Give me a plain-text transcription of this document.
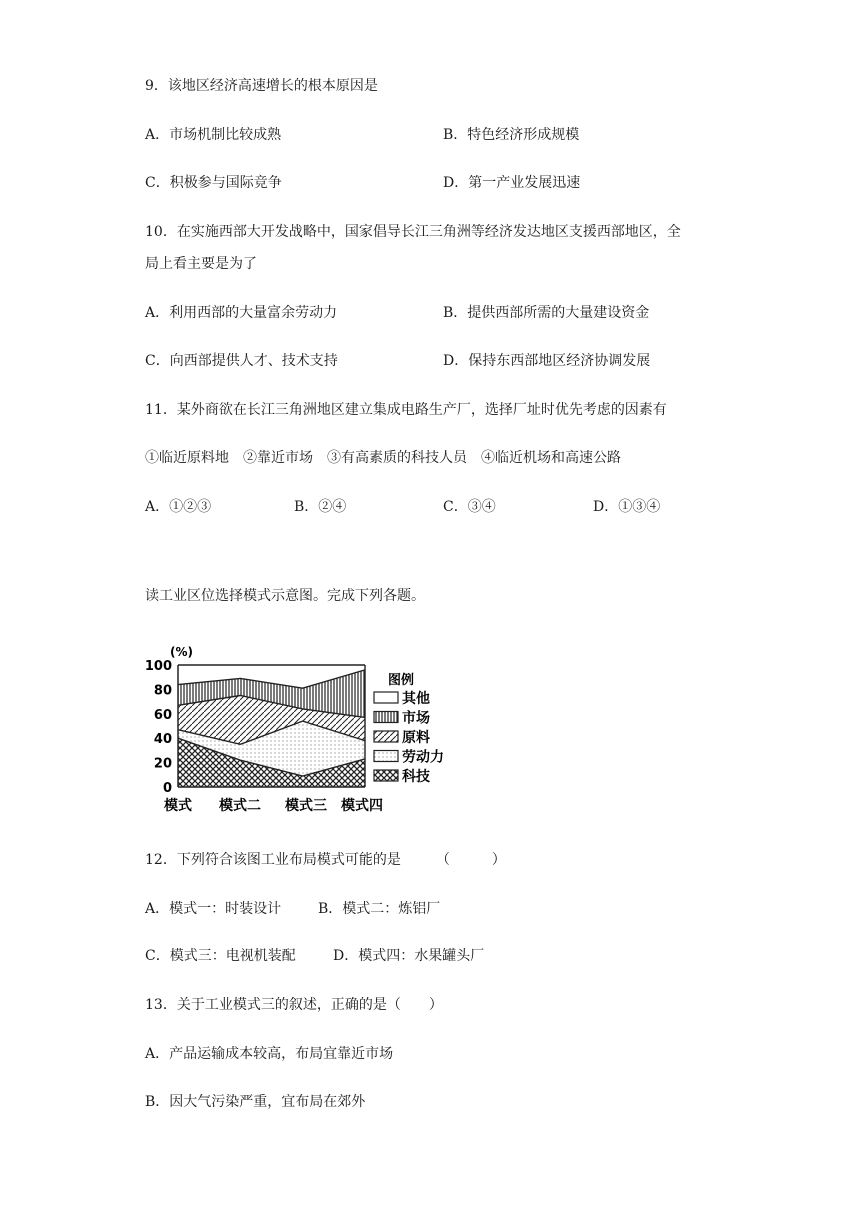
9．该地区经济高速增长的根本原因是
A．市场机制比较成熟	B．特色经济形成规模
C．积极参与国际竞争	D．第一产业发展迅速
10．在实施西部大开发战略中，国家倡导长江三角洲等经济发达地区支援西部地区，全
局上看主要是为了
A．利用西部的大量富余劳动力	B．提供西部所需的大量建设资金
C．向西部提供人才、技术支持	D．保持东西部地区经济协调发展
11．某外商欲在长江三角洲地区建立集成电路生产厂，选择厂址时优先考虑的因素有
①临近原料地　②靠近市场　③有高素质的科技人员　④临近机场和高速公路
A．①②③	B．②④	C．③④	D．①③④
读工业区位选择模式示意图。完成下列各题。
(%)
0
20
40
60
80
100
模式 模式二 模式三 模式四
图例
其他
市场
原料
劳动力
科技
12．下列符合该图工业布局模式可能的是　　　（　　　）
A．模式一：时装设计	B．模式二：炼铝厂
C．模式三：电视机装配	D．模式四：水果罐头厂
13．关于工业模式三的叙述，正确的是（　　）
A．产品运输成本较高，布局宜靠近市场
B．因大气污染严重，宜布局在郊外
